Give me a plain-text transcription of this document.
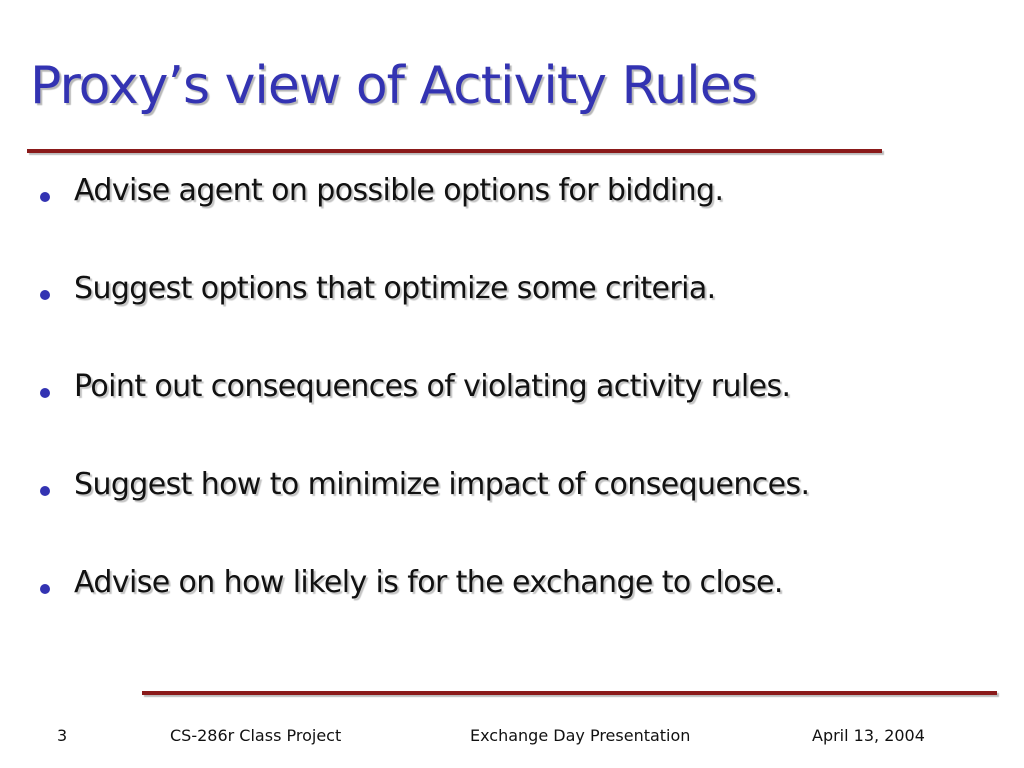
Proxy’s view of Activity Rules
Advise agent on possible options for bidding.
Suggest options that optimize some criteria.
Point out consequences of violating activity rules.
Suggest how to minimize impact of consequences.
Advise on how likely is for the exchange to close.
3	CS-286r Class Project	Exchange Day Presentation	April 13, 2004
